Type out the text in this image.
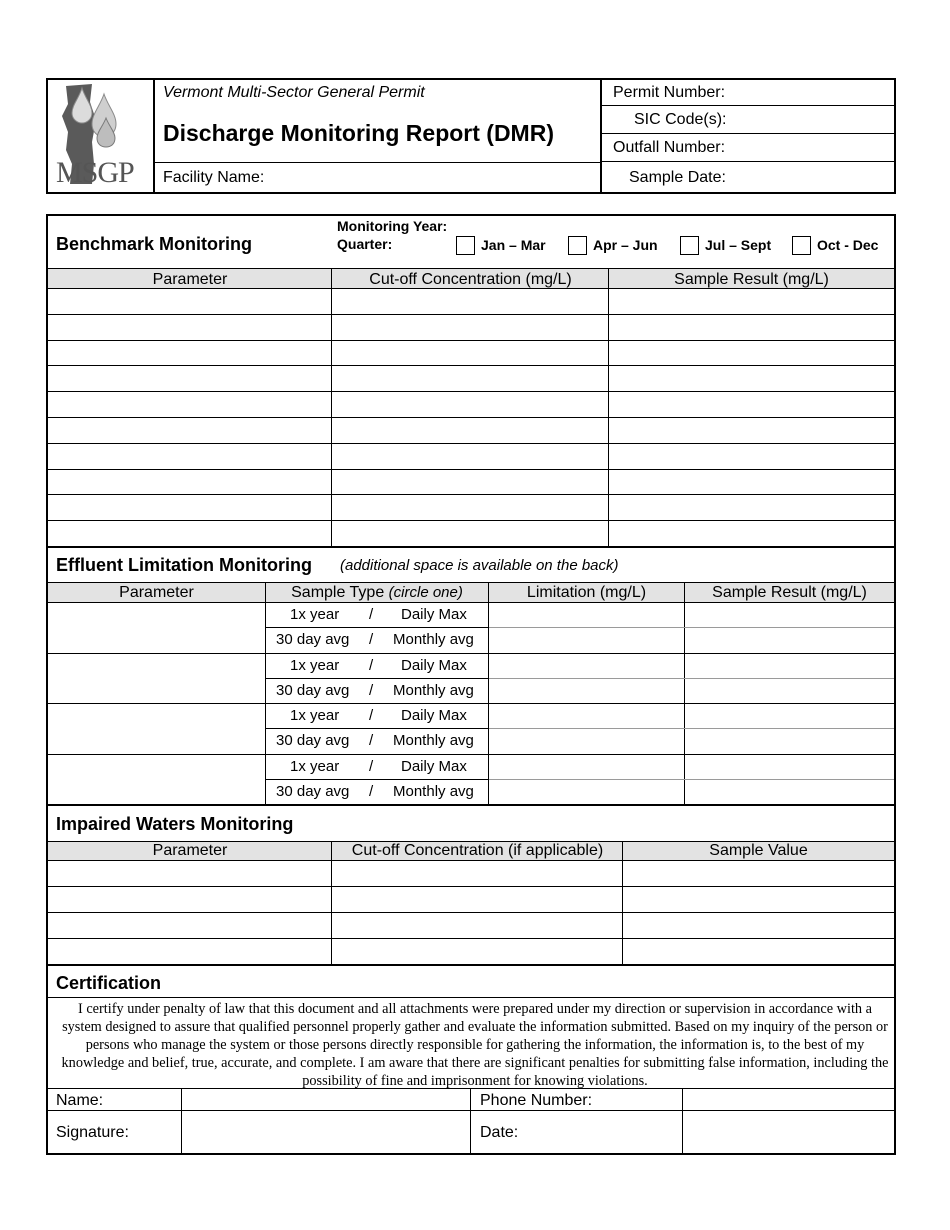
MSGP
Vermont Multi-Sector General Permit
Discharge Monitoring Report (DMR)
Facility Name:
Permit Number:
SIC Code(s):
Outfall Number:
Sample Date:
Benchmark Monitoring
Monitoring Year:
Quarter:	Jan – Mar	Apr – Jun	Jul – Sept	Oct - Dec
Parameter	Cut-off Concentration (mg/L)	Sample Result (mg/L)
Effluent Limitation Monitoring (additional space is available on the back)
Parameter	Sample Type (circle one)	Limitation (mg/L)	Sample Result (mg/L)
1x year / Daily Max
30 day avg / Monthly avg
1x year / Daily Max
30 day avg / Monthly avg
1x year / Daily Max
30 day avg / Monthly avg
1x year / Daily Max
30 day avg / Monthly avg
Impaired Waters Monitoring
Parameter	Cut-off Concentration (if applicable)	Sample Value
Certification
I certify under penalty of law that this document and all attachments were prepared under my direction or supervision in accordance with a system designed to assure that qualified personnel properly gather and evaluate the information submitted. Based on my inquiry of the person or persons who manage the system or those persons directly responsible for gathering the information, the information is, to the best of my knowledge and belief, true, accurate, and complete. I am aware that there are significant penalties for submitting false information, including the possibility of fine and imprisonment for knowing violations.
Name:	Phone Number:
Signature:	Date:
